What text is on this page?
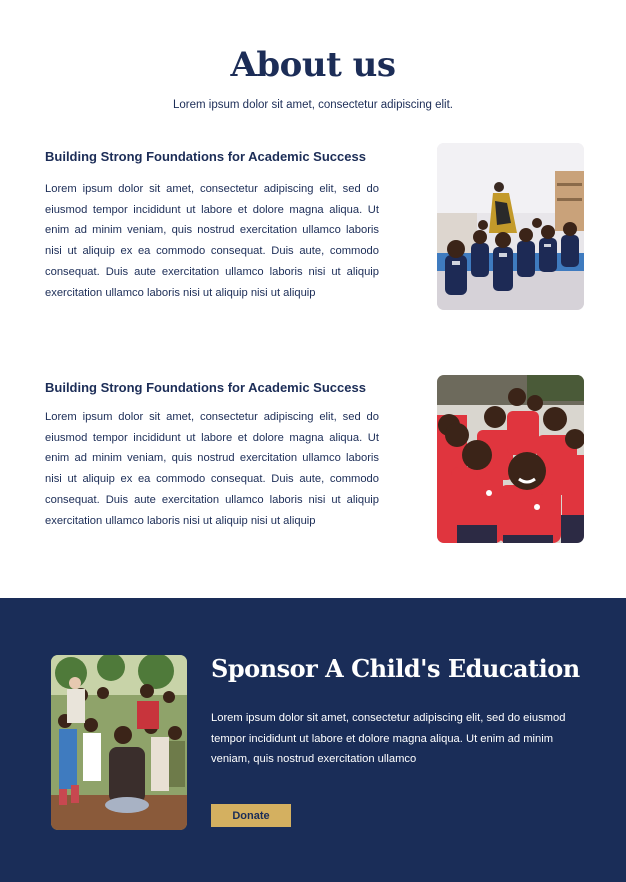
About us
Lorem ipsum dolor sit amet, consectetur adipiscing elit.
Building Strong Foundations for Academic Success

Lorem ipsum dolor sit amet, consectetur adipiscing elit, sed do eiusmod tempor incididunt ut labore et dolore magna aliqua. Ut enim ad minim veniam, quis nostrud exercitation ullamco laboris nisi ut aliquip ex ea commodo consequat. Duis aute, commodo consequat. Duis aute exercitation ullamco laboris nisi ut aliquip exercitation ullamco laboris nisi ut aliquip nisi ut aliquip

Building Strong Foundations for Academic Success

Lorem ipsum dolor sit amet, consectetur adipiscing elit, sed do eiusmod tempor incididunt ut labore et dolore magna aliqua. Ut enim ad minim veniam, quis nostrud exercitation ullamco laboris nisi ut aliquip ex ea commodo consequat. Duis aute, commodo consequat. Duis aute exercitation ullamco laboris nisi ut aliquip exercitation ullamco laboris nisi ut aliquip nisi ut aliquip

Sponsor A Child's Education

Lorem ipsum dolor sit amet, consectetur adipiscing elit, sed do eiusmod tempor incididunt ut labore et dolore magna aliqua. Ut enim ad minim veniam, quis nostrud exercitation ullamco

Donate
